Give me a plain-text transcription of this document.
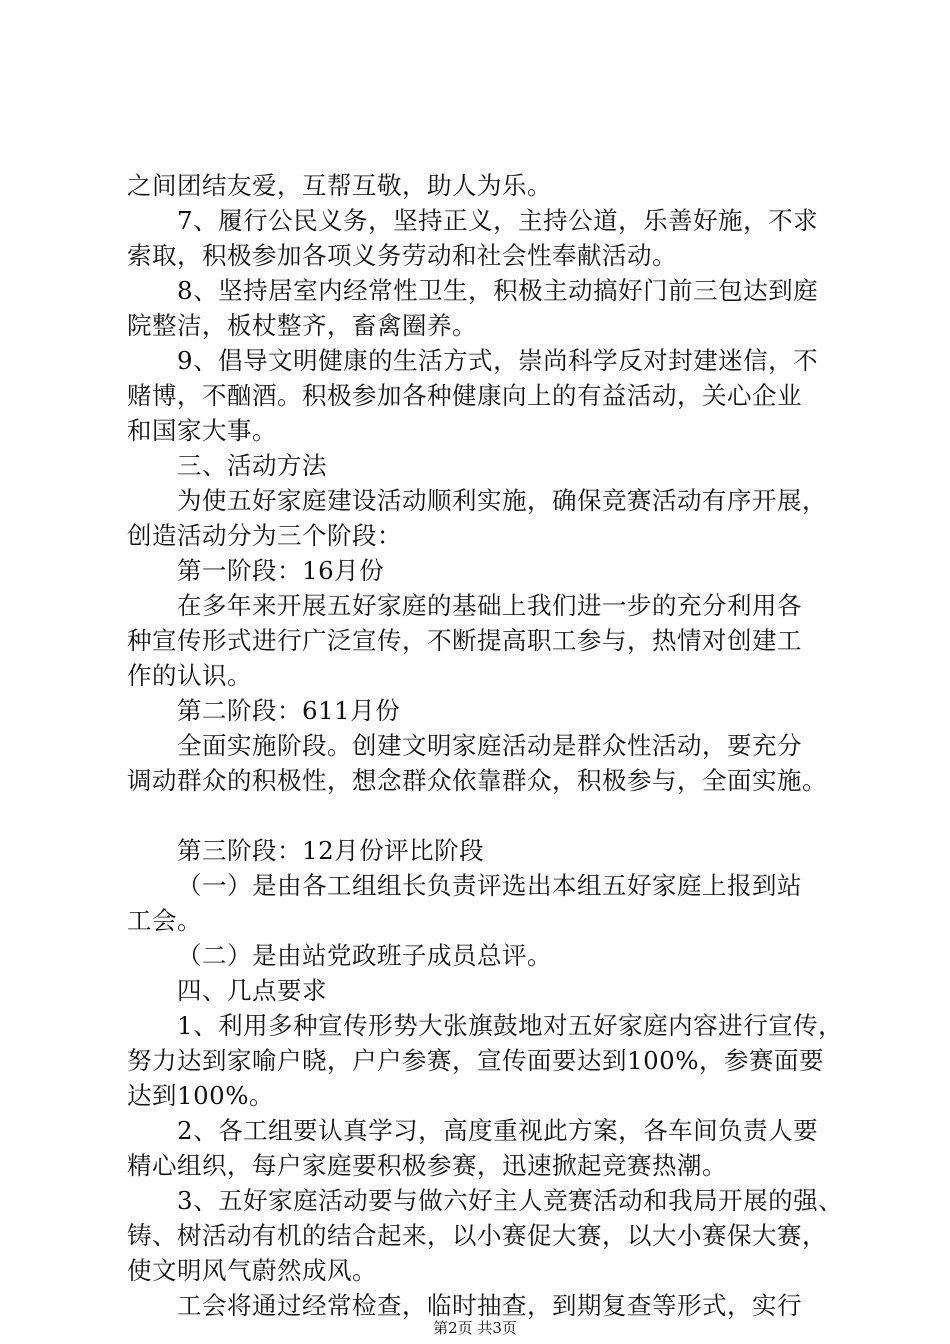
之间团结友爱，互帮互敬，助人为乐。
7、履行公民义务，坚持正义，主持公道，乐善好施，不求
索取，积极参加各项义务劳动和社会性奉献活动。
8、坚持居室内经常性卫生，积极主动搞好门前三包达到庭
院整洁，板杖整齐，畜禽圈养。
9、倡导文明健康的生活方式，崇尚科学反对封建迷信，不
赌博，不酗酒。积极参加各种健康向上的有益活动，关心企业
和国家大事。
三、活动方法
为使五好家庭建设活动顺利实施，确保竞赛活动有序开展，
创造活动分为三个阶段：
第一阶段：16月份
在多年来开展五好家庭的基础上我们进一步的充分利用各
种宣传形式进行广泛宣传，不断提高职工参与，热情对创建工
作的认识。
第二阶段：611月份
全面实施阶段。创建文明家庭活动是群众性活动，要充分
调动群众的积极性，想念群众依靠群众，积极参与，全面实施。
第三阶段：12月份评比阶段
（一）是由各工组组长负责评选出本组五好家庭上报到站
工会。
（二）是由站党政班子成员总评。
四、几点要求
1、利用多种宣传形势大张旗鼓地对五好家庭内容进行宣传，
努力达到家喻户晓，户户参赛，宣传面要达到100%，参赛面要
达到100%。
2、各工组要认真学习，高度重视此方案，各车间负责人要
精心组织，每户家庭要积极参赛，迅速掀起竞赛热潮。
3、五好家庭活动要与做六好主人竞赛活动和我局开展的强、
铸、树活动有机的结合起来，以小赛促大赛，以大小赛保大赛，
使文明风气蔚然成风。
工会将通过经常检查，临时抽查，到期复查等形式，实行
第2页 共3页
